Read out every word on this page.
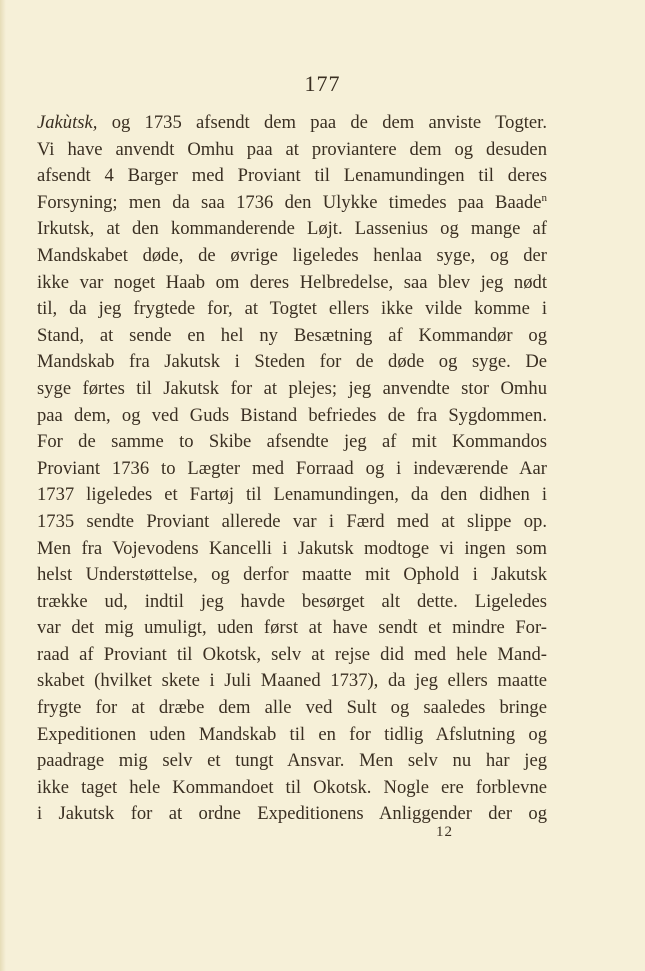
177
Jakùtsk, og 1735 afsendt dem paa de dem anviste Togter.
Vi have anvendt Omhu paa at proviantere dem og desuden
afsendt 4 Barger med Proviant til Lenamundingen til deres
Forsyning; men da saa 1736 den Ulykke timedes paa Baade$^n$
Irkutsk, at den kommanderende Løjt. Lassenius og mange af
Mandskabet døde, de øvrige ligeledes henlaa syge, og der
ikke var noget Haab om deres Helbredelse, saa blev jeg nødt
til, da jeg frygtede for, at Togtet ellers ikke vilde komme i
Stand, at sende en hel ny Besætning af Kommandør og
Mandskab fra Jakutsk i Steden for de døde og syge. De
syge førtes til Jakutsk for at plejes; jeg anvendte stor Omhu
paa dem, og ved Guds Bistand befriedes de fra Sygdommen.
For de samme to Skibe afsendte jeg af mit Kommandos
Proviant 1736 to Lægter med Forraad og i indeværende Aar
1737 ligeledes et Fartøj til Lenamundingen, da den didhen i
1735 sendte Proviant allerede var i Færd med at slippe op.
Men fra Vojevodens Kancelli i Jakutsk modtoge vi ingen som
helst Understøttelse, og derfor maatte mit Ophold i Jakutsk
trække ud, indtil jeg havde besørget alt dette. Ligeledes
var det mig umuligt, uden først at have sendt et mindre For-
raad af Proviant til Okotsk, selv at rejse did med hele Mand-
skabet (hvilket skete i Juli Maaned 1737), da jeg ellers maatte
frygte for at dræbe dem alle ved Sult og saaledes bringe
Expeditionen uden Mandskab til en for tidlig Afslutning og
paadrage mig selv et tungt Ansvar. Men selv nu har jeg
ikke taget hele Kommandoet til Okotsk. Nogle ere forblevne
i Jakutsk for at ordne Expeditionens Anliggender der og
12
